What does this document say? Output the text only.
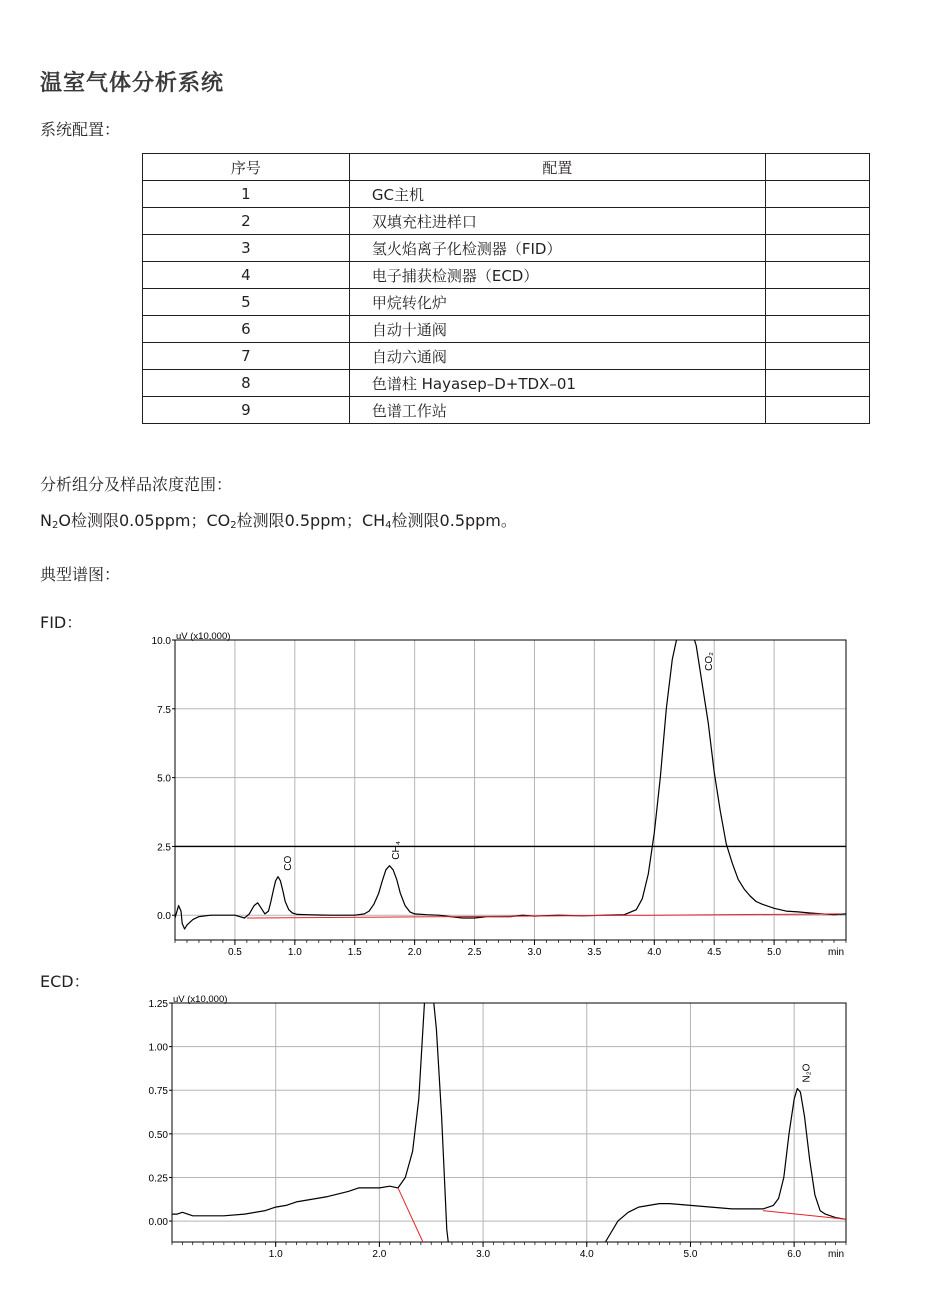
温室气体分析系统
系统配置：
序号	配置	
1	GC主机	
2	双填充柱进样口	
3	氢火焰离子化检测器（FID）	
4	电子捕获检测器（ECD）	
5	甲烷转化炉	
6	自动十通阀	
7	自动六通阀	
8	色谱柱 Hayasep–D+TDX–01	
9	色谱工作站	
分析组分及样品浓度范围：
$N_2O$检测限0.05ppm；$CO_2$检测限0.5ppm；$CH_4$检测限0.5ppm。
典型谱图：
FID：
ECD：
0.5	1.0	1.5	2.0	2.5	3.0	3.5	4.0	4.5	5.0	min
10.0
7.5
5.0
2.5
0.0
uV (x10,000)
CO
CH₄
CO₂
1.0	2.0	3.0	4.0	5.0	6.0	min
1.25
1.00
0.75
0.50
0.25
0.00
uV (x10,000)
N₂O
